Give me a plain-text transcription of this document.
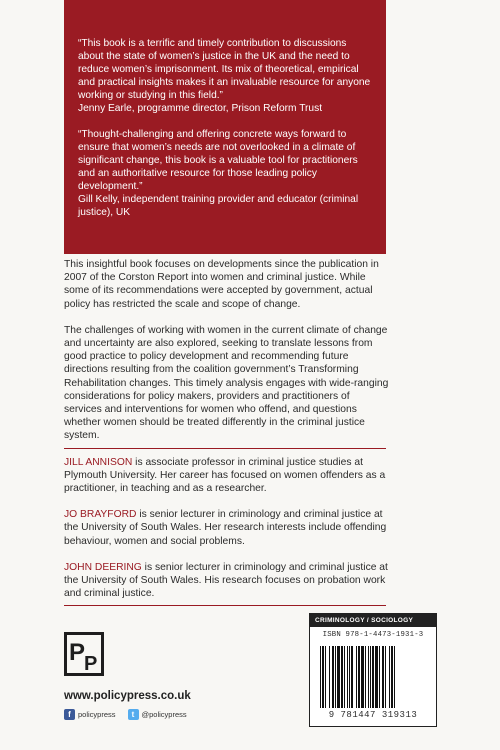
“This book is a terrific and timely contribution to discussions about the state of women’s justice in the UK and the need to reduce women’s imprisonment. Its mix of theoretical, empirical and practical insights makes it an invaluable resource for anyone working or studying in this field.”

Jenny Earle, programme director, Prison Reform Trust

“Thought-challenging and offering concrete ways forward to ensure that women’s needs are not overlooked in a climate of significant change, this book is a valuable tool for practitioners and an authoritative resource for those leading policy development.”

Gill Kelly, independent training provider and educator (criminal justice), UK

This insightful book focuses on developments since the publication in 2007 of the Corston Report into women and criminal justice. While some of its recommendations were accepted by government, actual policy has restricted the scale and scope of change.

The challenges of working with women in the current climate of change and uncertainty are also explored, seeking to translate lessons from good practice to policy development and recommending future directions resulting from the coalition government’s Transforming Rehabilitation changes. This timely analysis engages with wide-ranging considerations for policy makers, providers and practitioners of services and interventions for women who offend, and questions whether women should be treated differently in the criminal justice system.

JILL ANNISON is associate professor in criminal justice studies at Plymouth University. Her career has focused on women offenders as a practitioner, in teaching and as a researcher.

JO BRAYFORD is senior lecturer in criminology and criminal justice at the University of South Wales. Her research interests include offending behaviour, women and social problems.

JOHN DEERING is senior lecturer in criminology and criminal justice at the University of South Wales. His research focuses on probation work and criminal justice.

P
P
www.policypress.co.uk
f policypress	t @policypress
CRIMINOLOGY / SOCIOLOGY
ISBN 978-1-4473-1931-3
9 781447 319313
